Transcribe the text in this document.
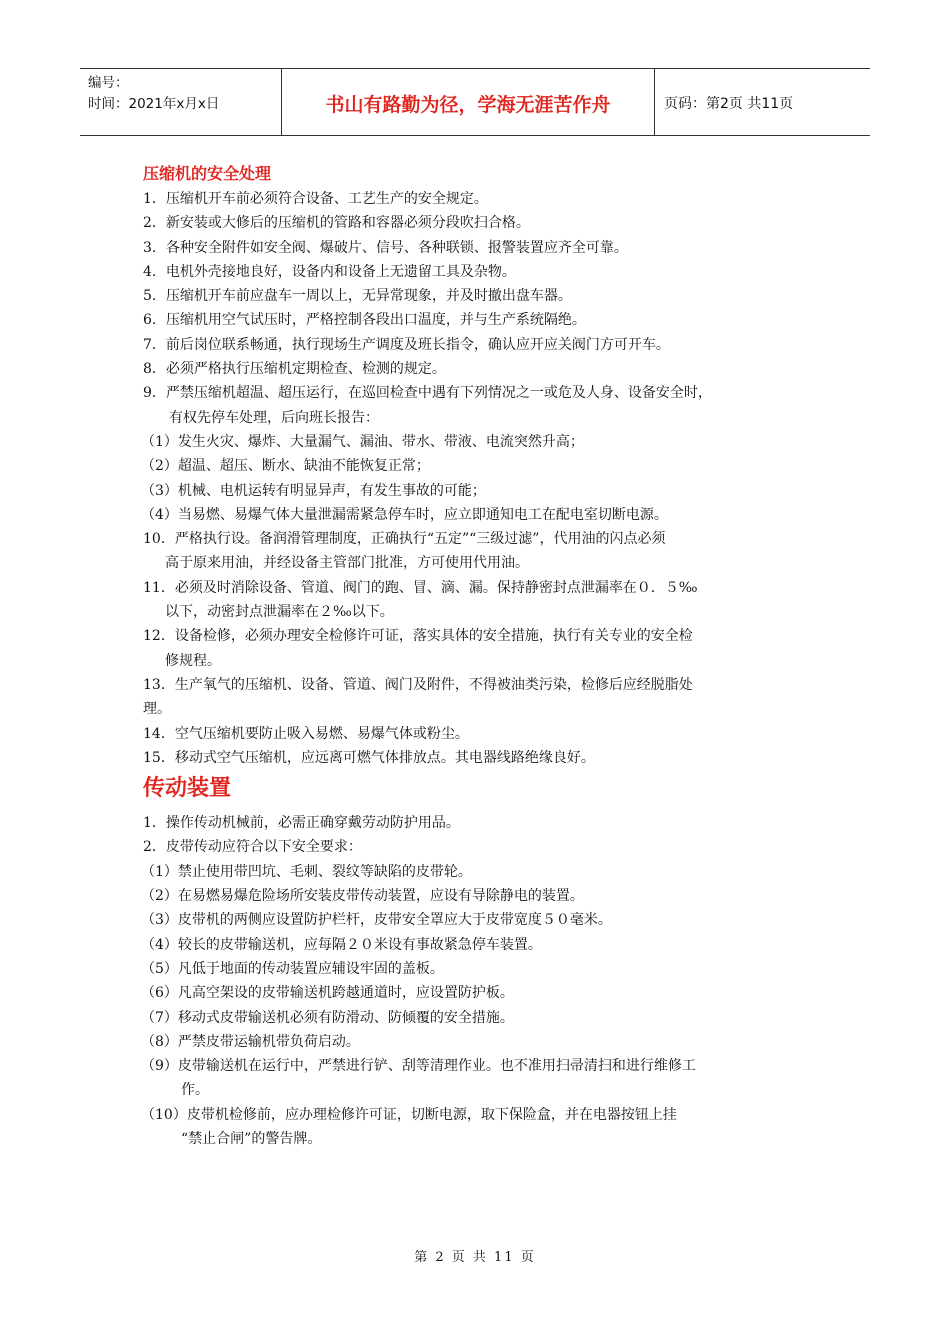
编号：
时间：2021年x月x日	书山有路勤为径，学海无涯苦作舟	页码：第2页 共11页
压缩机的安全处理
1．压缩机开车前必须符合设备、工艺生产的安全规定。
2．新安装或大修后的压缩机的管路和容器必须分段吹扫合格。
3．各种安全附件如安全阀、爆破片、信号、各种联锁、报警装置应齐全可靠。
4．电机外壳接地良好，设备内和设备上无遗留工具及杂物。
5．压缩机开车前应盘车一周以上，无异常现象，并及时撤出盘车器。
6．压缩机用空气试压时，严格控制各段出口温度，并与生产系统隔绝。
7．前后岗位联系畅通，执行现场生产调度及班长指令，确认应开应关阀门方可开车。
8．必须严格执行压缩机定期检查、检测的规定。
9．严禁压缩机超温、超压运行，在巡回检查中遇有下列情况之一或危及人身、设备安全时，
有权先停车处理，后向班长报告：
（1）发生火灾、爆炸、大量漏气、漏油、带水、带液、电流突然升高；
（2）超温、超压、断水、缺油不能恢复正常；
（3）机械、电机运转有明显异声，有发生事故的可能；
（4）当易燃、易爆气体大量泄漏需紧急停车时，应立即通知电工在配电室切断电源。
10．严格执行设。备润滑管理制度，正确执行“五定”“三级过滤”，代用油的闪点必须
高于原来用油，并经设备主管部门批准，方可使用代用油。
11．必须及时消除设备、管道、阀门的跑、冒、滴、漏。保持静密封点泄漏率在０．５‰
以下，动密封点泄漏率在２‰以下。
12．设备检修，必须办理安全检修许可证，落实具体的安全措施，执行有关专业的安全检
修规程。
13．生产氧气的压缩机、设备、管道、阀门及附件，不得被油类污染，检修后应经脱脂处
理。
14．空气压缩机要防止吸入易燃、易爆气体或粉尘。
15．移动式空气压缩机，应远离可燃气体排放点。其电器线路绝缘良好。
传动装置
1．操作传动机械前，必需正确穿戴劳动防护用品。
2．皮带传动应符合以下安全要求：
（1）禁止使用带凹坑、毛刺、裂纹等缺陷的皮带轮。
（2）在易燃易爆危险场所安装皮带传动装置，应设有导除静电的装置。
（3）皮带机的两侧应设置防护栏杆，皮带安全罩应大于皮带宽度５０毫米。
（4）较长的皮带输送机，应每隔２０米设有事故紧急停车装置。
（5）凡低于地面的传动装置应辅设牢固的盖板。
（6）凡高空架设的皮带输送机跨越通道时，应设置防护板。
（7）移动式皮带输送机必须有防滑动、防倾覆的安全措施。
（8）严禁皮带运输机带负荷启动。
（9）皮带输送机在运行中，严禁进行铲、刮等清理作业。也不准用扫帚清扫和进行维修工
作。
（10）皮带机检修前，应办理检修许可证，切断电源，取下保险盒，并在电器按钮上挂
“禁止合闸”的警告牌。
第 2 页 共 11 页
